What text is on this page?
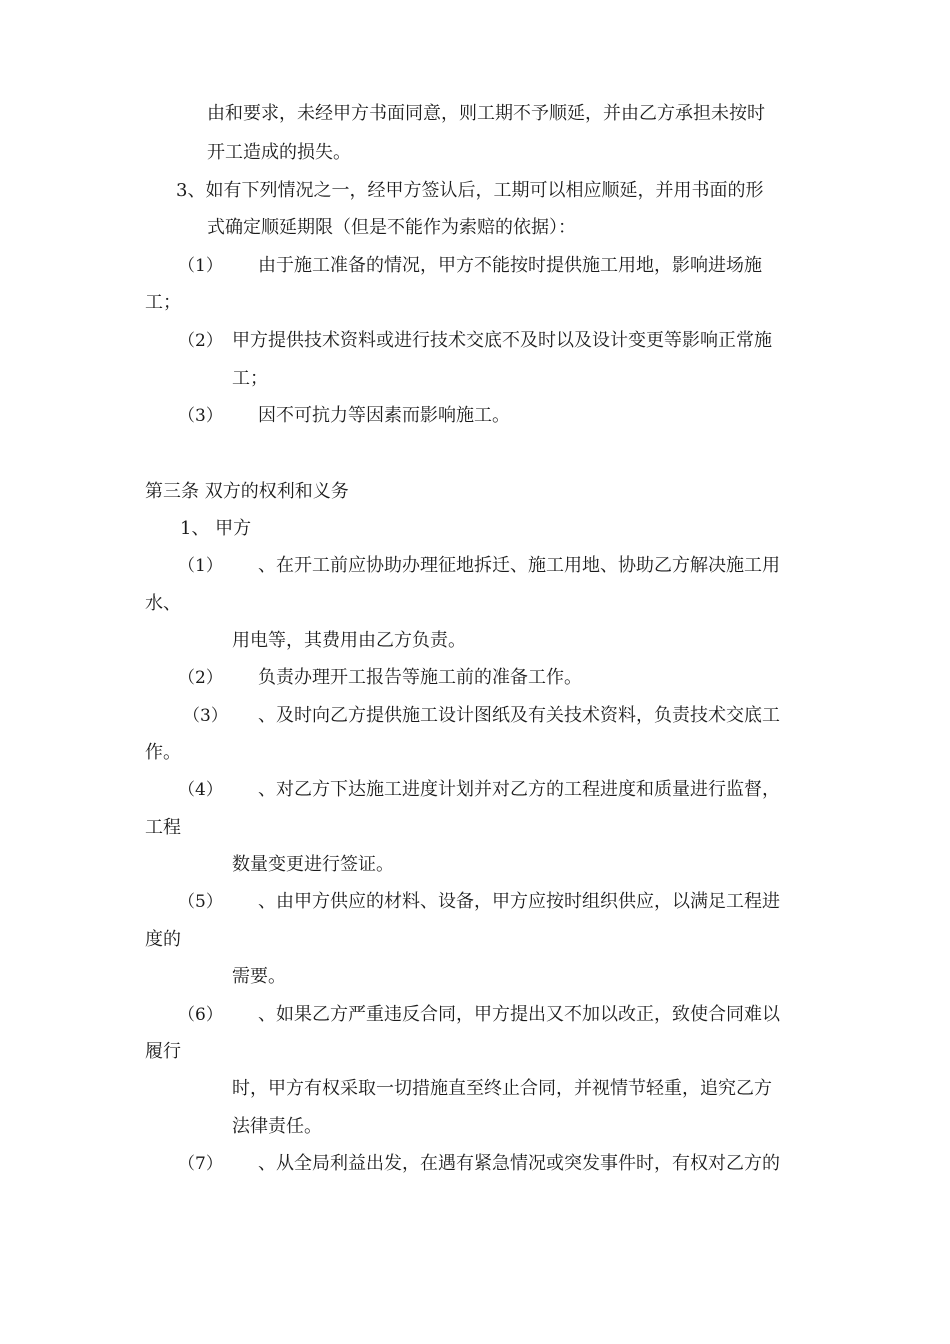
由和要求，未经甲方书面同意，则工期不予顺延，并由乙方承担未按时
开工造成的损失。
3、如有下列情况之一，经甲方签认后，工期可以相应顺延，并用书面的形
式确定顺延期限（但是不能作为索赔的依据）：
（1） 由于施工准备的情况，甲方不能按时提供施工用地，影响进场施
工；
（2） 甲方提供技术资料或进行技术交底不及时以及设计变更等影响正常施
工；
（3） 因不可抗力等因素而影响施工。
第三条 双方的权利和义务
1、 甲方
（1） 、在开工前应协助办理征地拆迁、施工用地、协助乙方解决施工用
水、
用电等，其费用由乙方负责。
（2） 负责办理开工报告等施工前的准备工作。
（3） 、及时向乙方提供施工设计图纸及有关技术资料，负责技术交底工
作。
（4） 、对乙方下达施工进度计划并对乙方的工程进度和质量进行监督，
工程
数量变更进行签证。
（5） 、由甲方供应的材料、设备，甲方应按时组织供应，以满足工程进
度的
需要。
（6） 、如果乙方严重违反合同，甲方提出又不加以改正，致使合同难以
履行
时，甲方有权采取一切措施直至终止合同，并视情节轻重，追究乙方
法律责任。
（7） 、从全局利益出发，在遇有紧急情况或突发事件时，有权对乙方的
